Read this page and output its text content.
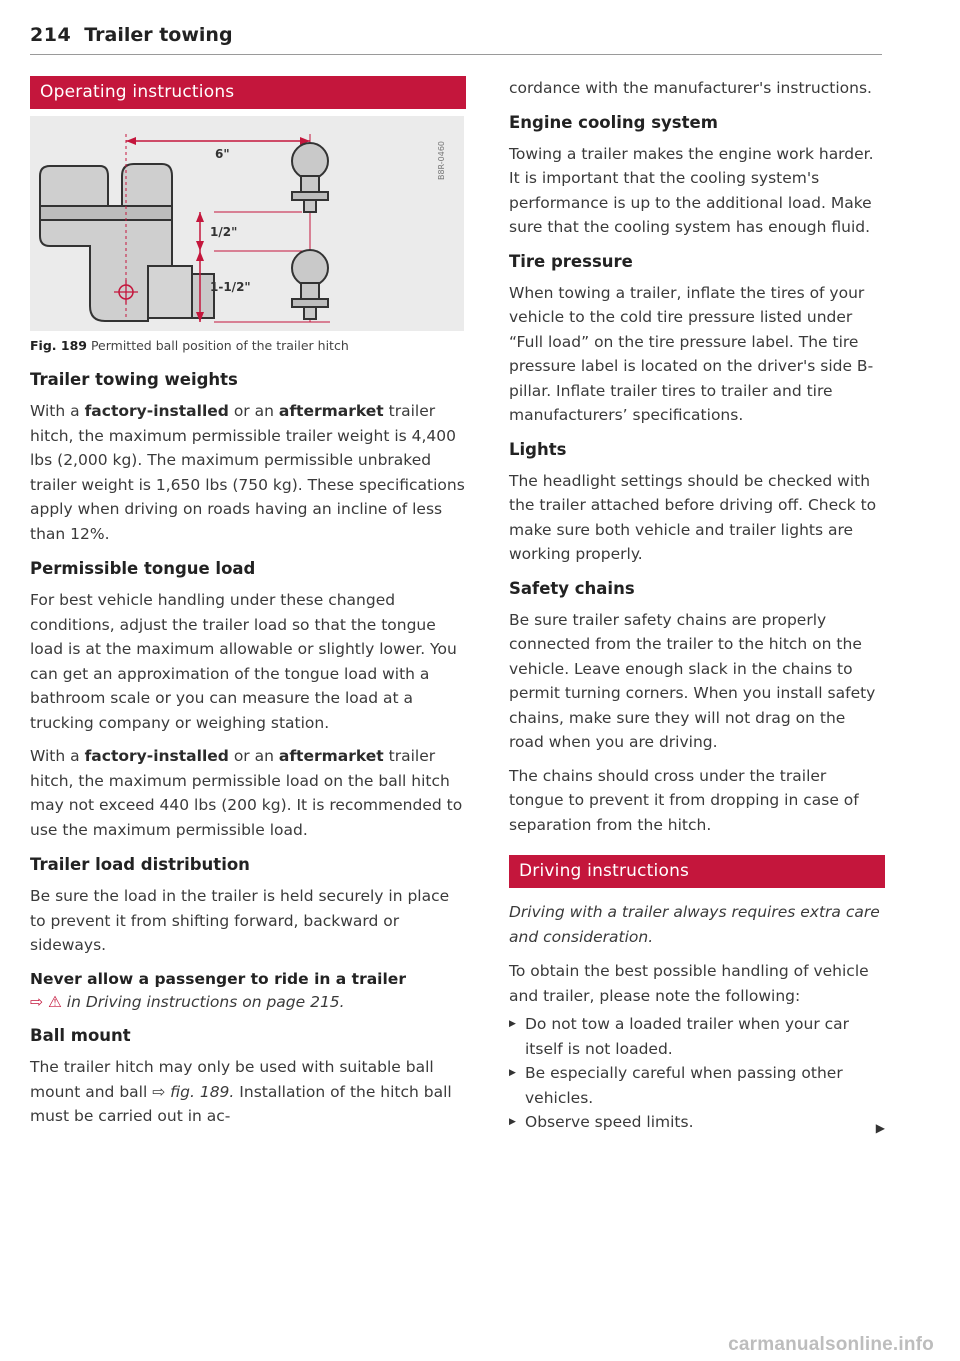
214 Trailer towing
Operating instructions
6"
1/2"
1-1/2"
B8R-0460
Fig. 189 Permitted ball position of the trailer hitch
Trailer towing weights

With a factory-installed or an aftermarket trailer hitch, the maximum permissible trailer weight is 4,400 lbs (2,000 kg). The maximum permissible unbraked trailer weight is 1,650 lbs (750 kg). These specifications apply when driving on roads having an incline of less than 12%.

Permissible tongue load

For best vehicle handling under these changed conditions, adjust the trailer load so that the tongue load is at the maximum allowable or slightly lower. You can get an approximation of the tongue load with a bathroom scale or you can measure the load at a trucking company or weighing station.

With a factory-installed or an aftermarket trailer hitch, the maximum permissible load on the ball hitch may not exceed 440 lbs (200 kg). It is recommended to use the maximum permissible load.

Trailer load distribution

Be sure the load in the trailer is held securely in place to prevent it from shifting forward, backward or sideways.

Never allow a passenger to ride in a trailer

⇨ ⚠ in Driving instructions on page 215.

Ball mount

The trailer hitch may only be used with suitable ball mount and ball ⇨ fig. 189. Installation of the hitch ball must be carried out in ac-

cordance with the manufacturer's instructions.

Engine cooling system

Towing a trailer makes the engine work harder. It is important that the cooling system's performance is up to the additional load. Make sure that the cooling system has enough fluid.

Tire pressure

When towing a trailer, inflate the tires of your vehicle to the cold tire pressure listed under “Full load” on the tire pressure label. The tire pressure label is located on the driver's side B-pillar. Inflate trailer tires to trailer and tire manufacturers’ specifications.

Lights

The headlight settings should be checked with the trailer attached before driving off. Check to make sure both vehicle and trailer lights are working properly.

Safety chains

Be sure trailer safety chains are properly connected from the trailer to the hitch on the vehicle. Leave enough slack in the chains to permit turning corners. When you install safety chains, make sure they will not drag on the road when you are driving.

The chains should cross under the trailer tongue to prevent it from dropping in case of separation from the hitch.

Driving instructions

Driving with a trailer always requires extra care and consideration.

To obtain the best possible handling of vehicle and trailer, please note the following:

▶ Do not tow a loaded trailer when your car itself is not loaded.
▶ Be especially careful when passing other vehicles.
▶ Observe speed limits.	▶
carmanualsonline.info
